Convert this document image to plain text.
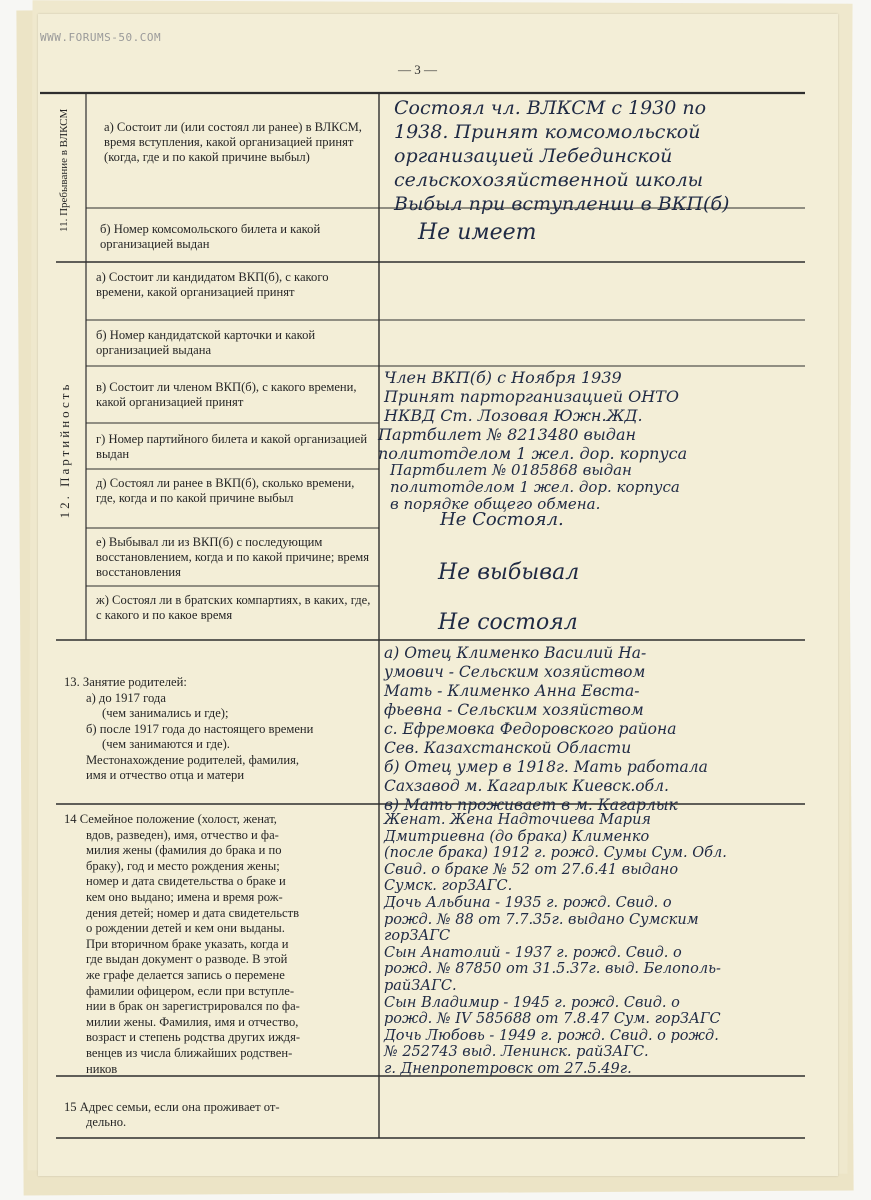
WWW.FORUMS-50.COM
— 3 —
11. Пребывание в ВЛКСМ	а) Состоит ли (или состоял ли ранее) в ВЛКСМ, время вступления, какой организацией принят (когда, где и по какой причине выбыл)
б) Номер комсомольского билета и какой организацией выдан
Состоял чл. ВЛКСМ с 1930 по
1938. Принят комсомольской
организацией Лебединской
сельскохозяйственной школы
Выбыл при вступлении в ВКП(б)
Не имеет
12. Партийность
а) Состоит ли кандидатом ВКП(б), с какого времени, какой организацией принят
б) Номер кандидатской карточки и какой организацией выдана
в) Состоит ли членом ВКП(б), с какого времени, какой организацией принят
г) Номер партийного билета и какой организацией выдан
д) Состоял ли ранее в ВКП(б), сколько времени, где, когда и по какой причине выбыл
е) Выбывал ли из ВКП(б) с последующим восстановлением, когда и по какой причине; время восстановления
ж) Состоял ли в братских компартиях, в каких, где, с какого и по какое время
Член ВКП(б) с Ноября 1939
Принят парторганизацией ОНТО
НКВД Ст. Лозовая Южн.ЖД.
Партбилет № 8213480 выдан
политотделом 1 жел. дор. корпуса
Партбилет № 0185868 выдан
политотделом 1 жел. дор. корпуса
в порядке общего обмена.
Не Состоял.
Не выбывал
Не состоял
13. Занятие родителей:
а) до 1917 года
(чем занимались и где);
б) после 1917 года до настоящего времени
(чем занимаются и где).
Местонахождение родителей, фамилия,
имя и отчество отца и матери
а) Отец Клименко Василий На-
умович - Сельским хозяйством
Мать - Клименко Анна Евста-
фьевна - Сельским хозяйством
с. Ефремовка Федоровского района
Сев. Казахстанской Области
б) Отец умер в 1918г. Мать работала
Сахзавод м. Кагарлык Киевск.обл.
в) Мать проживает в м. Кагарлык
14 Семейное положение (холост, женат,
вдов, разведен), имя, отчество и фа-
милия жены (фамилия до брака и по
браку), год и место рождения жены;
номер и дата свидетельства о браке и
кем оно выдано; имена и время рож-
дения детей; номер и дата свидетельств
о рождении детей и кем они выданы.
При вторичном браке указать, когда и
где выдан документ о разводе. В этой
же графе делается запись о перемене
фамилии офицером, если при вступле-
нии в брак он зарегистрировался по фа-
милии жены. Фамилия, имя и отчество,
возраст и степень родства других иждя-
венцев из числа ближайших родствен-
ников
Женат. Жена Надточиева Мария
Дмитриевна (до брака) Клименко
(после брака) 1912 г. рожд. Сумы Сум. Обл.
Свид. о браке № 52 от 27.6.41 выдано
Сумск. горЗАГС.
Дочь Альбина - 1935 г. рожд. Свид. о
рожд. № 88 от 7.7.35г. выдано Сумским
горЗАГС
Сын Анатолий - 1937 г. рожд. Свид. о
рожд. № 87850 от 31.5.37г. выд. Белополь-
райЗАГС.
Сын Владимир - 1945 г. рожд. Свид. о
рожд. № IV 585688 от 7.8.47 Сум. горЗАГС
Дочь Любовь - 1949 г. рожд. Свид. о рожд.
№ 252743 выд. Ленинск. райЗАГС.
г. Днепропетровск от 27.5.49г.
15 Адрес семьи, если она проживает от-
дельно.
